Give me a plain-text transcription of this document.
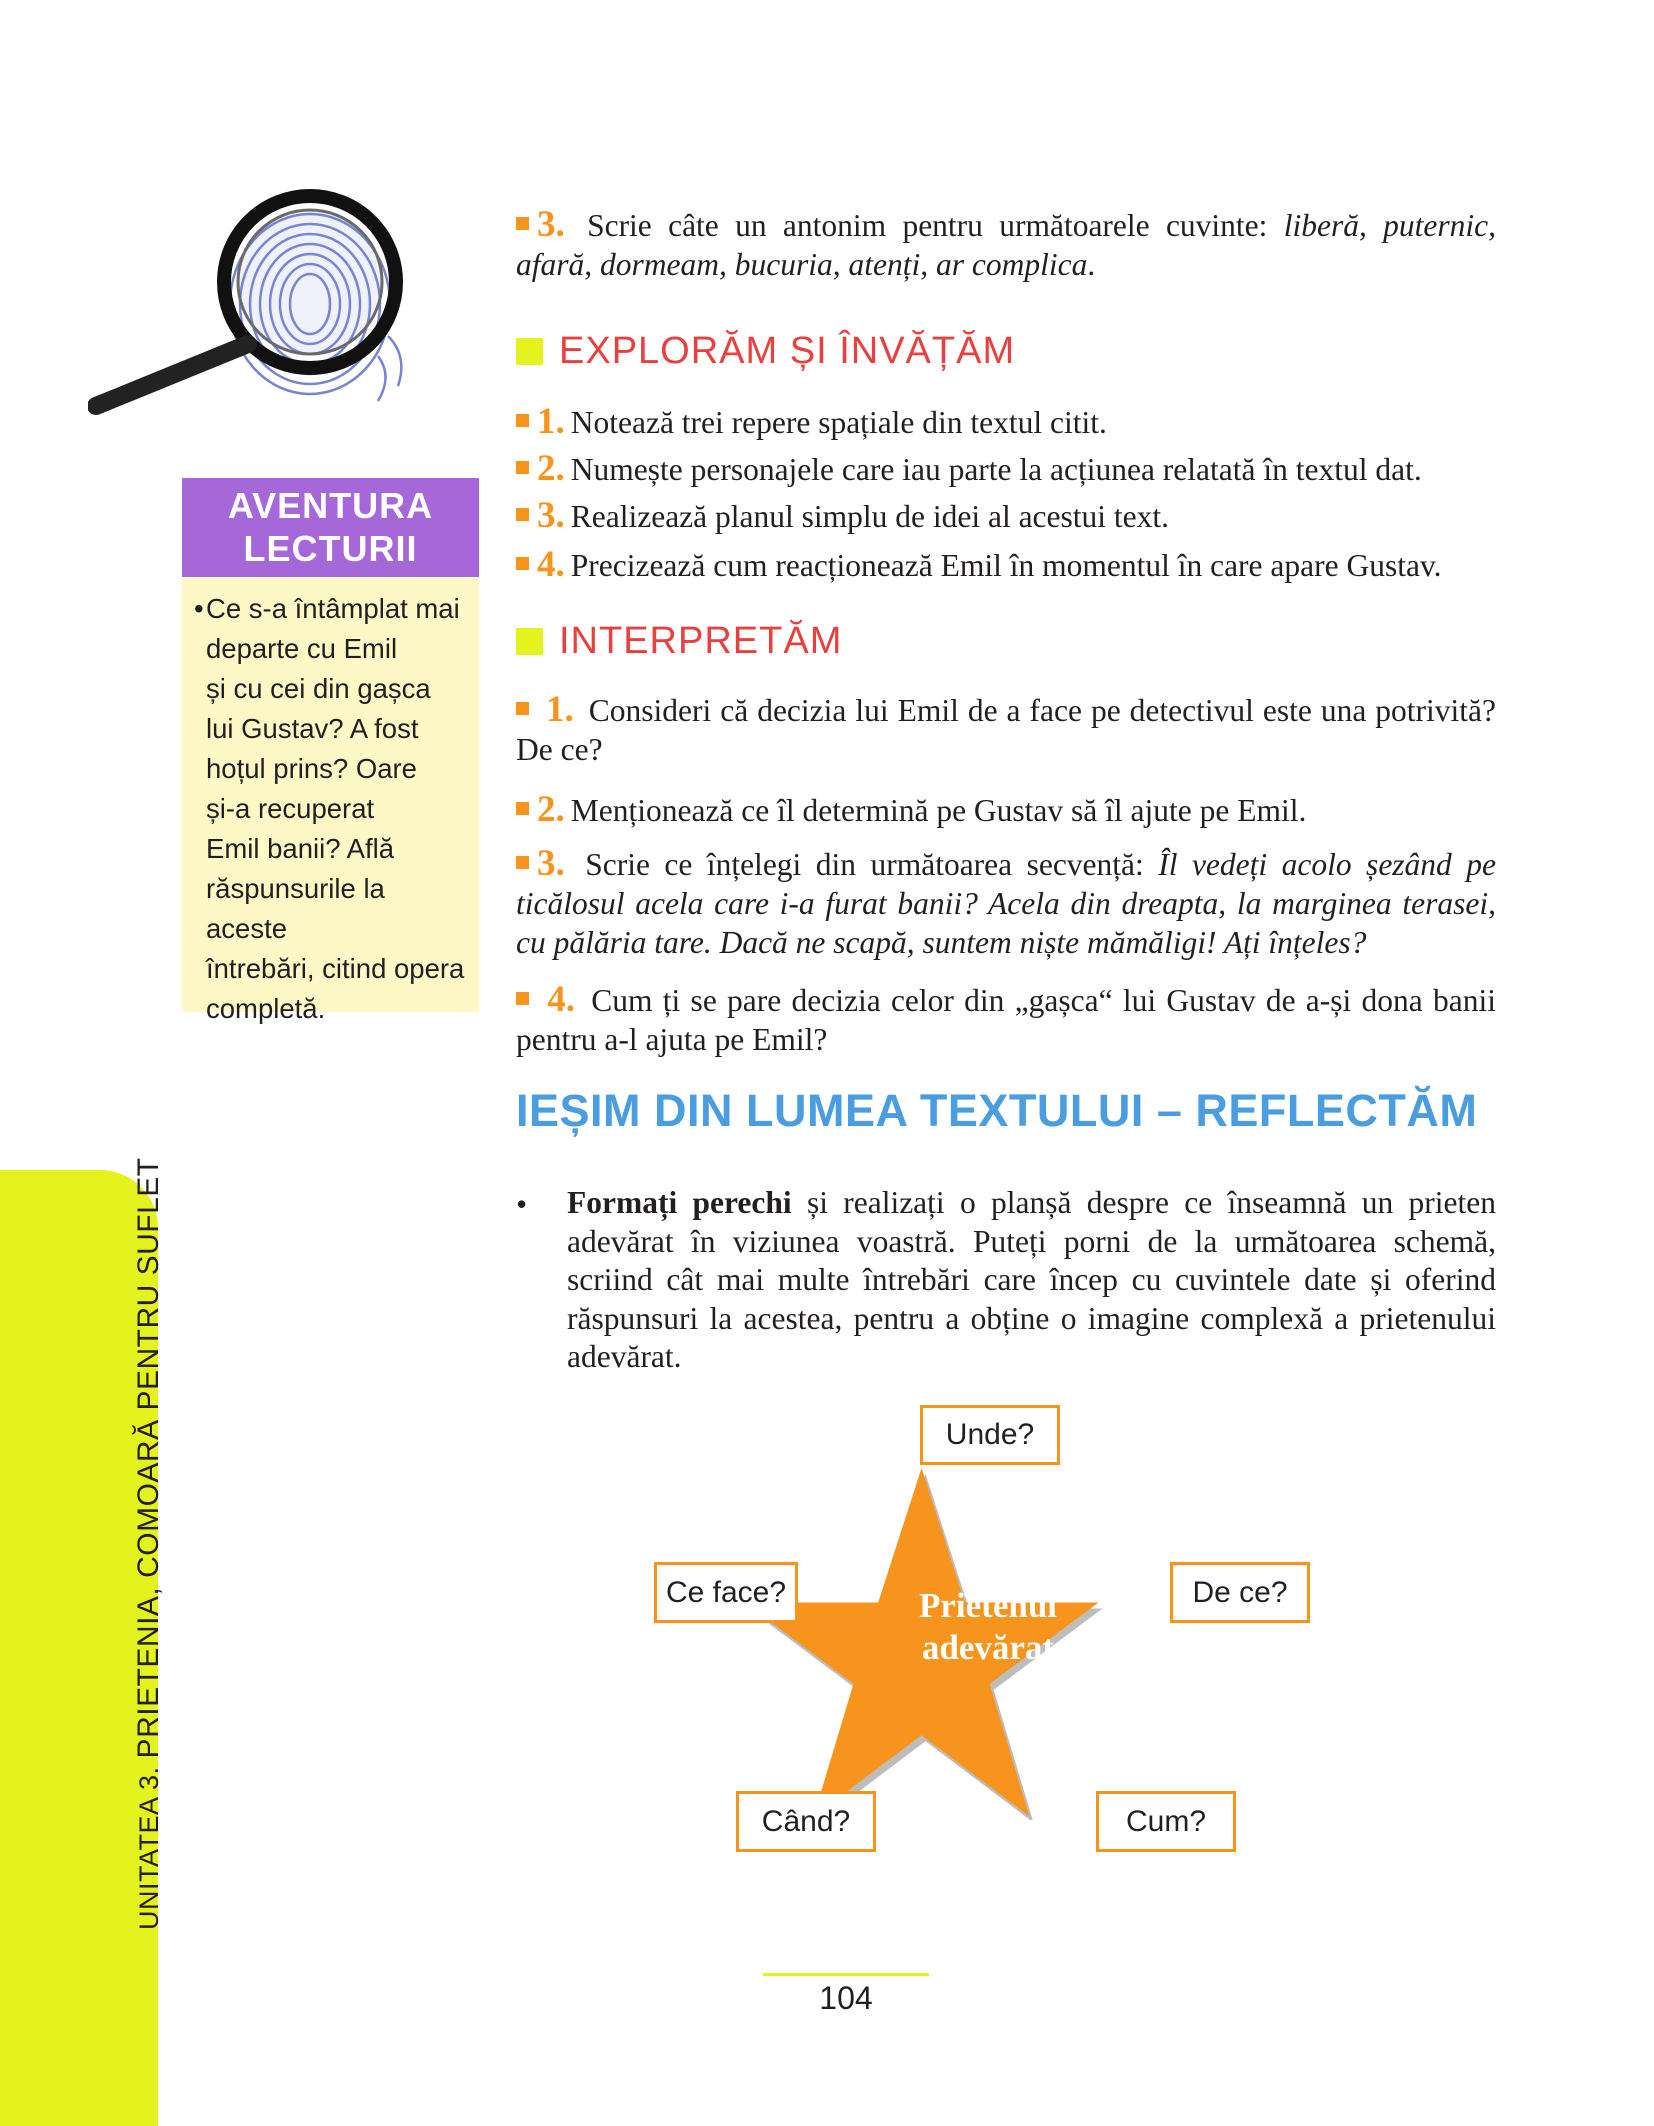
AVENTURA
LECTURII
• Ce s-a întâmplat mai
departe cu Emil
și cu cei din gașca
lui Gustav? A fost
hoțul prins? Oare
și-a recuperat
Emil banii? Află
răspunsurile la aceste
întrebări, citind opera
completă.
UNITATEA 3. PRIETENIA, COMOARĂ PENTRU SUFLET
3. Scrie câte un antonim pentru următoarele cuvinte: liberă, puternic, afară, dormeam, bucuria, atenți, ar complica.
EXPLORĂM ȘI ÎNVĂȚĂM
1. Notează trei repere spațiale din textul citit.
2. Numește personajele care iau parte la acțiunea relatată în textul dat.
3. Realizează planul simplu de idei al acestui text.
4. Precizează cum reacționează Emil în momentul în care apare Gustav.
INTERPRETĂM
1. Consideri că decizia lui Emil de a face pe detectivul este una potrivită? De ce?
2. Menționează ce îl determină pe Gustav să îl ajute pe Emil.
3. Scrie ce înțelegi din următoarea secvență: Îl vedeți acolo șezând pe ticălosul acela care i-a furat banii? Acela din dreapta, la marginea terasei, cu pălăria tare. Dacă ne scapă, suntem niște mămăligi! Ați înțeles?
4. Cum ți se pare decizia celor din „gașca“ lui Gustav de a-și dona banii pentru a-l ajuta pe Emil?
IEȘIM DIN LUMEA TEXTULUI – REFLECTĂM
• Formați perechi și realizați o planșă despre ce înseamnă un prieten adevărat în viziunea voastră. Puteți porni de la următoarea schemă, scriind cât mai multe întrebări care încep cu cuvintele date și oferind răspunsuri la acestea, pentru a obține o imagine complexă a prietenului adevărat.
Prietenul
adevărat
Unde?
Ce face?	De ce?
Când?	Cum?
104
